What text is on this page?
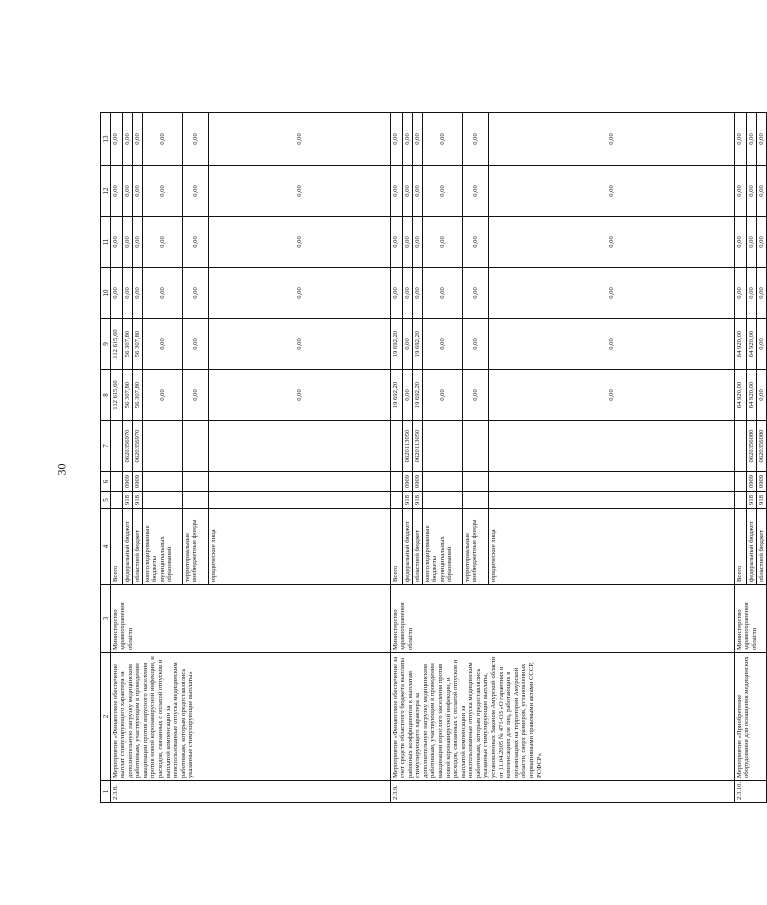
30
1	2	3	4	5	6	7	8	9	10	11	12	13
2.3.8.	Мероприятие «Финансовое обеспечение выплат стимулирующего характера за дополнительную нагрузку медицинским работникам, участвующим в проведении вакцинации против вирусного населения против новой коронавирусной инфекции, и расходов, связанных с оплатой отпусков и выплатой компенсации за неиспользованные отпуска медицинским работникам, которым предоставлялись указанные стимулирующие выплаты»	Министерство здравоохранения области	Всего				112 615,60	112 615,60	0,00	0,00	0,00	0,00
			федеральный бюджет	918	0909	0620356970	56 307,80	56 307,80	0,00	0,00	0,00	0,00
			областной бюджет	918	0909	0620356970	56 307,80	56 307,80	0,00	0,00	0,00	0,00
			консолидированные бюджеты муниципальных образований				0,00	0,00	0,00	0,00	0,00	0,00
			территориальные внебюджетные фонды				0,00	0,00	0,00	0,00	0,00	0,00
			юридические лица				0,00	0,00	0,00	0,00	0,00	0,00
2.3.9.	Мероприятие «Финансовое обеспечение за счет средств областного бюджета выплаты районных коэффициентов к выплатам стимулирующего характера за дополнительную нагрузку медицинским работникам, участвующим в проведении вакцинации взрослого населения против новой коронавирусной инфекции, и расходов, связанных с оплатой отпусков и выплатой компенсации за неиспользованные отпуска медицинским работникам, которым предоставлялись указанные стимулирующие выплаты, установленных Законом Амурской области от 11.04.2005 № 471-ОЗ «О гарантиях и компенсациях для лиц, работающих в организациях на территории Амурской области, сверх размеров, установленных нормативными правовыми актами СССР, РСФСР»	Министерство здравоохранения области	Всего				19 692,20	19 692,20	0,00	0,00	0,00	0,00
			федеральный бюджет	918	0909	0620113050	0,00	0,00	0,00	0,00	0,00	0,00
			областной бюджет	918	0909	0620113050	19 692,20	19 692,20	0,00	0,00	0,00	0,00
			консолидированные бюджеты муниципальных образований				0,00	0,00	0,00	0,00	0,00	0,00
			территориальные внебюджетные фонды				0,00	0,00	0,00	0,00	0,00	0,00
			юридические лица				0,00	0,00	0,00	0,00	0,00	0,00
2.3.10.	Мероприятие «Приобретение оборудования для оснащения медицинских	Министерство здравоохранения области	Всего				64 920,00	64 920,00	0,00	0,00	0,00	0,00
			федеральный бюджет	918	0909	0620356080	64 920,00	64 920,00	0,00	0,00	0,00	0,00
			областной бюджет	918	0909	0620356080	0,00	0,00	0,00	0,00	0,00	0,00
